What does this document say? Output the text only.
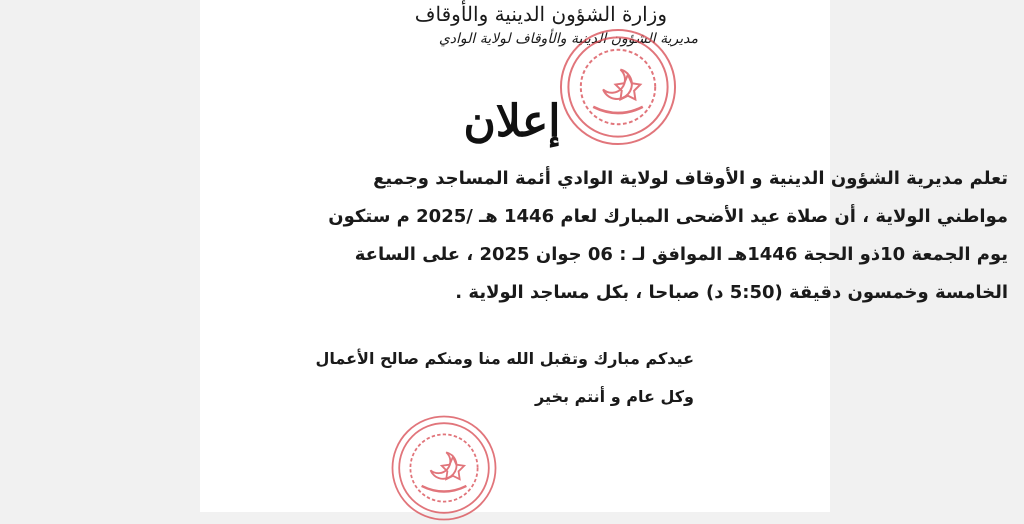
وزارة الشؤون الدينية والأوقاف
مديرية الشؤون الدينية والأوقاف لولاية الوادي
إعلان
تعلم مديرية الشؤون الدينية و الأوقاف لولاية الوادي أئمة المساجد وجميع
مواطني الولاية ، أن صلاة عيد الأضحى المبارك لعام 1446 هـ /2025 م ستكون
يوم الجمعة 10ذو الحجة 1446هـ الموافق لـ : 06 جوان 2025 ، على الساعة
الخامسة وخمسون دقيقة (5:50 د) صباحا ، بكل مساجد الولاية .
عيدكم مبارك وتقبل الله منا ومنكم صالح الأعمال
وكل عام و أنتم بخير
